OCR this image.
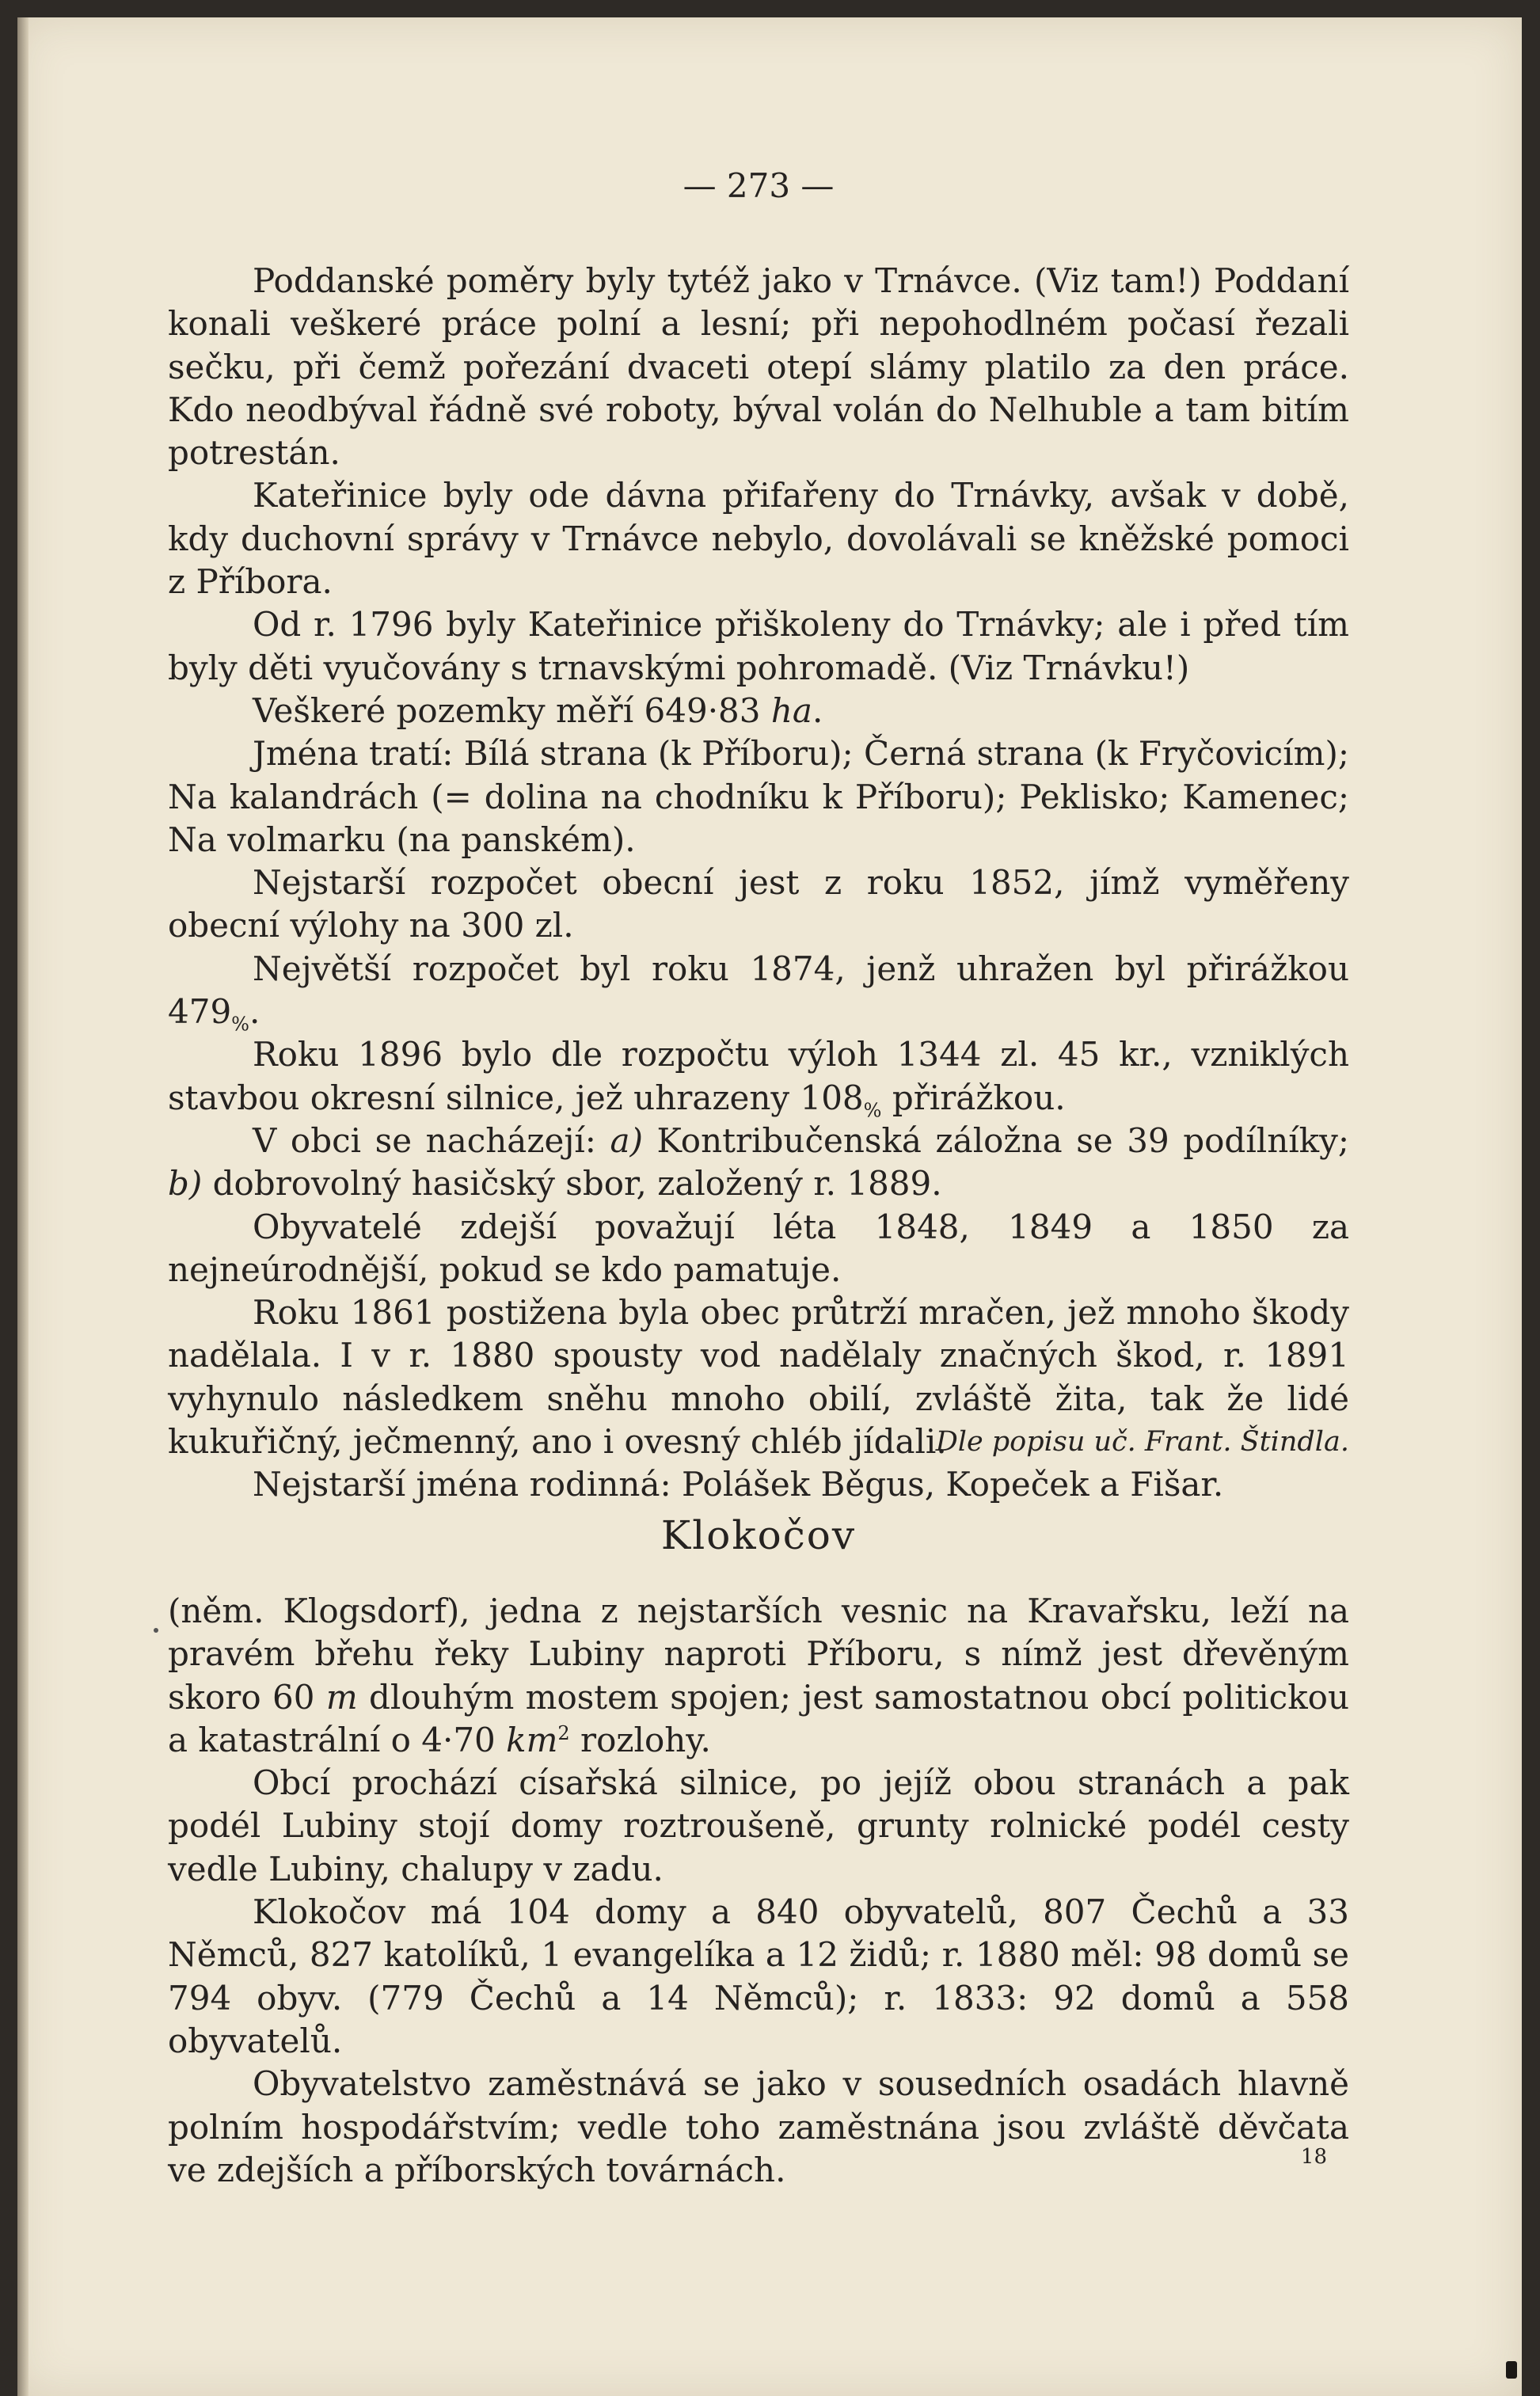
— 273 —

Poddanské poměry byly tytéž jako v Trnávce. (Viz tam!) Poddaní konali veškeré práce polní a lesní; při nepohodlném počasí řezali sečku, při čemž pořezání dvaceti otepí slámy platilo za den práce. Kdo neodbýval řádně své roboty, býval volán do Nelhuble a tam bitím potrestán.

Kateřinice byly ode dávna přifařeny do Trnávky, avšak v době, kdy duchovní správy v Trnávce nebylo, dovolávali se kněžské pomoci z Příbora.

Od r. 1796 byly Kateřinice přiškoleny do Trnávky; ale i před tím byly děti vyučovány s trnavskými pohromadě. (Viz Trnávku!)

Veškeré pozemky měří 649·83 ha.

Jména tratí: Bílá strana (k Příboru); Černá strana (k Fryčovicím); Na kalandrách (= dolina na chodníku k Příboru); Peklisko; Kamenec; Na volmarku (na panském).

Nejstarší rozpočet obecní jest z roku 1852, jímž vyměřeny obecní výlohy na 300 zl.

Největší rozpočet byl roku 1874, jenž uhražen byl přirážkou $479_{\%}$.

Roku 1896 bylo dle rozpočtu výloh 1344 zl. 45 kr., vzniklých stavbou okresní silnice, jež uhrazeny $108_{\%}$ přirážkou.

V obci se nacházejí: a) Kontribučenská záložna se 39 podílníky; b) dobrovolný hasičský sbor, založený r. 1889.

Obyvatelé zdejší považují léta 1848, 1849 a 1850 za nejneúrodnější, pokud se kdo pamatuje.

Roku 1861 postižena byla obec průtrží mračen, jež mnoho škody nadělala. I v r. 1880 spousty vod nadělaly značných škod, r. 1891 vyhynulo následkem sněhu mnoho obilí, zvláště žita, tak že lidé kukuřičný, ječmenný, ano i ovesný chléb jídali.

Nejstarší jména rodinná: Polášek Běgus, Kopeček a Fišar.

Dle popisu uč. Frant. Štindla.
Klokočov

(něm. Klogsdorf), jedna z nejstarších vesnic na Kravařsku, leží na pravém břehu řeky Lubiny naproti Příboru, s nímž jest dřevěným skoro 60 m dlouhým mostem spojen; jest samostatnou obcí politickou a katastrální o 4·70 $km^2$ rozlohy.

Obcí prochází císařská silnice, po jejíž obou stranách a pak podél Lubiny stojí domy roztroušeně, grunty rolnické podél cesty vedle Lubiny, chalupy v zadu.

Klokočov má 104 domy a 840 obyvatelů, 807 Čechů a 33 Němců, 827 katolíků, 1 evangelíka a 12 židů; r. 1880 měl: 98 domů se 794 obyv. (779 Čechů a 14 Němců); r. 1833: 92 domů a 558 obyvatelů.

Obyvatelstvo zaměstnává se jako v sousedních osadách hlavně polním hospodářstvím; vedle toho zaměstnána jsou zvláště děvčata ve zdejších a příborských továrnách.	18
